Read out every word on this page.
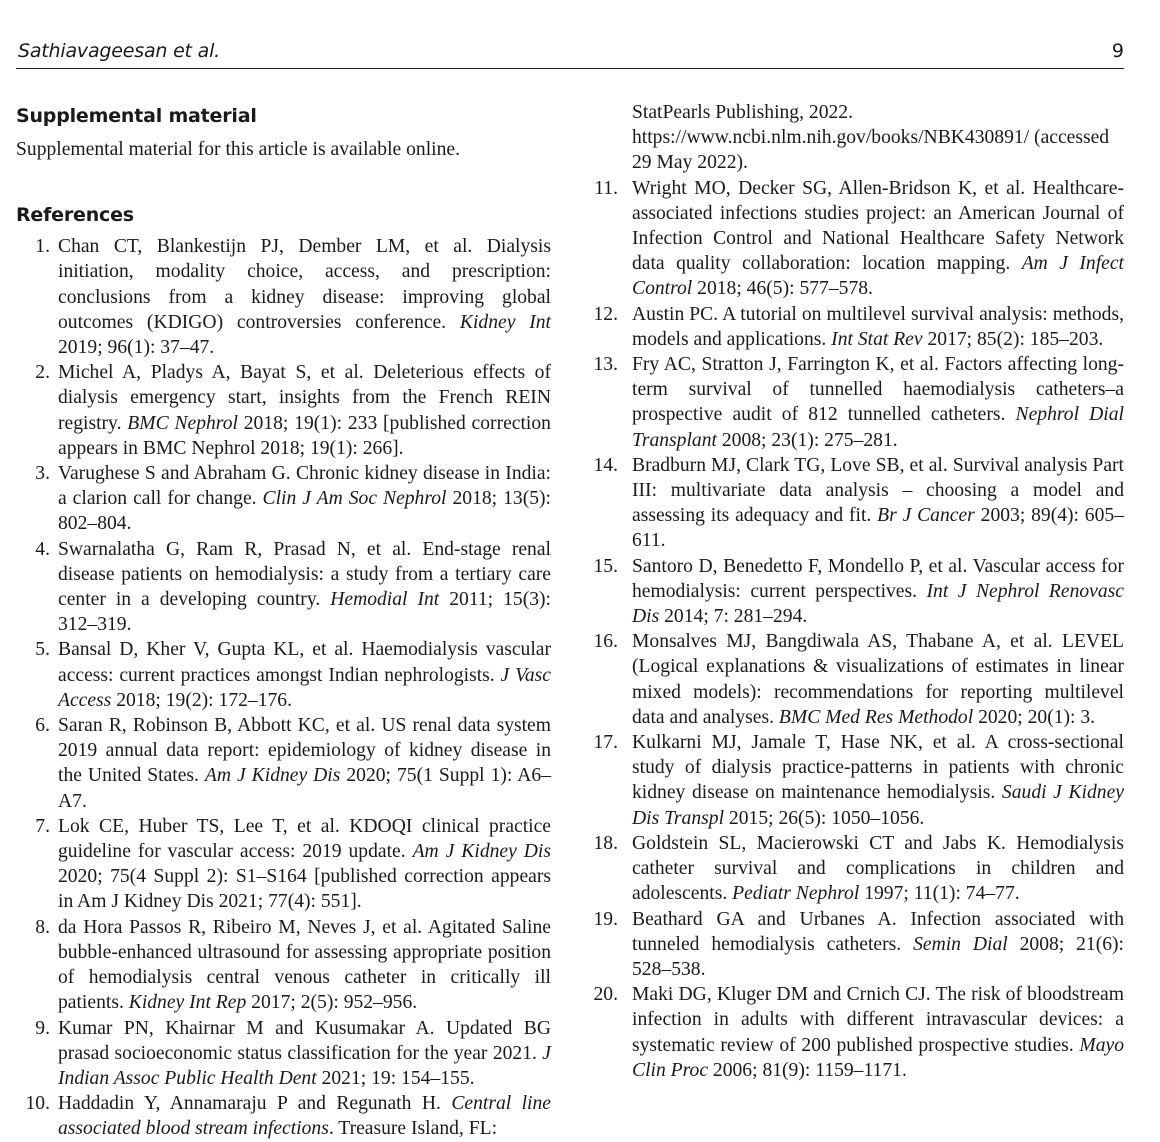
Sathiavageesan et al.	9
Supplemental material

Supplemental material for this article is available online.

References
1. Chan CT, Blankestijn PJ, Dember LM, et al. Dialysis initiation, modality choice, access, and prescription: conclusions from a kidney disease: improving global outcomes (KDIGO) controversies conference. Kidney Int 2019; 96(1): 37–47.
2. Michel A, Pladys A, Bayat S, et al. Deleterious effects of dialysis emergency start, insights from the French REIN registry. BMC Nephrol 2018; 19(1): 233 [published correction appears in BMC Nephrol 2018; 19(1): 266].
3. Varughese S and Abraham G. Chronic kidney disease in India: a clarion call for change. Clin J Am Soc Nephrol 2018; 13(5): 802–804.
4. Swarnalatha G, Ram R, Prasad N, et al. End-stage renal disease patients on hemodialysis: a study from a tertiary care center in a developing country. Hemodial Int 2011; 15(3): 312–319.
5. Bansal D, Kher V, Gupta KL, et al. Haemodialysis vascular access: current practices amongst Indian nephrologists. J Vasc Access 2018; 19(2): 172–176.
6. Saran R, Robinson B, Abbott KC, et al. US renal data system 2019 annual data report: epidemiology of kidney disease in the United States. Am J Kidney Dis 2020; 75(1 Suppl 1): A6–A7.
7. Lok CE, Huber TS, Lee T, et al. KDOQI clinical practice guideline for vascular access: 2019 update. Am J Kidney Dis 2020; 75(4 Suppl 2): S1–S164 [published correction appears in Am J Kidney Dis 2021; 77(4): 551].
8. da Hora Passos R, Ribeiro M, Neves J, et al. Agitated Saline bubble-enhanced ultrasound for assessing appropriate position of hemodialysis central venous catheter in critically ill patients. Kidney Int Rep 2017; 2(5): 952–956.
9. Kumar PN, Khairnar M and Kusumakar A. Updated BG prasad socioeconomic status classification for the year 2021. J Indian Assoc Public Health Dent 2021; 19: 154–155.
10. Haddadin Y, Annamaraju P and Regunath H. Central line associated blood stream infections. Treasure Island, FL:
StatPearls Publishing, 2022. https://www.ncbi.nlm.nih.gov/books/NBK430891/ (accessed 29 May 2022).
11. Wright MO, Decker SG, Allen-Bridson K, et al. Healthcare-associated infections studies project: an American Journal of Infection Control and National Healthcare Safety Network data quality collaboration: location mapping. Am J Infect Control 2018; 46(5): 577–578.
12. Austin PC. A tutorial on multilevel survival analysis: methods, models and applications. Int Stat Rev 2017; 85(2): 185–203.
13. Fry AC, Stratton J, Farrington K, et al. Factors affecting long-term survival of tunnelled haemodialysis catheters–a prospective audit of 812 tunnelled catheters. Nephrol Dial Transplant 2008; 23(1): 275–281.
14. Bradburn MJ, Clark TG, Love SB, et al. Survival analysis Part III: multivariate data analysis – choosing a model and assessing its adequacy and fit. Br J Cancer 2003; 89(4): 605–611.
15. Santoro D, Benedetto F, Mondello P, et al. Vascular access for hemodialysis: current perspectives. Int J Nephrol Renovasc Dis 2014; 7: 281–294.
16. Monsalves MJ, Bangdiwala AS, Thabane A, et al. LEVEL (Logical explanations & visualizations of estimates in linear mixed models): recommendations for reporting multilevel data and analyses. BMC Med Res Methodol 2020; 20(1): 3.
17. Kulkarni MJ, Jamale T, Hase NK, et al. A cross-sectional study of dialysis practice-patterns in patients with chronic kidney disease on maintenance hemodialysis. Saudi J Kidney Dis Transpl 2015; 26(5): 1050–1056.
18. Goldstein SL, Macierowski CT and Jabs K. Hemodialysis catheter survival and complications in children and adolescents. Pediatr Nephrol 1997; 11(1): 74–77.
19. Beathard GA and Urbanes A. Infection associated with tunneled hemodialysis catheters. Semin Dial 2008; 21(6): 528–538.
20. Maki DG, Kluger DM and Crnich CJ. The risk of bloodstream infection in adults with different intravascular devices: a systematic review of 200 published prospective studies. Mayo Clin Proc 2006; 81(9): 1159–1171.
